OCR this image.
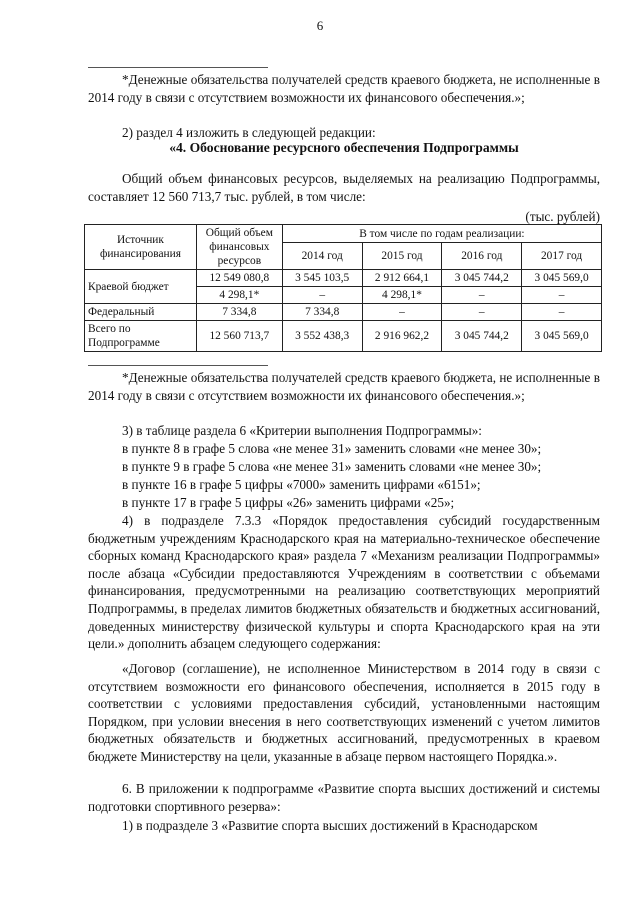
6
*Денежные обязательства получателей средств краевого бюджета, не исполненные в 2014 году в связи с отсутствием возможности их финансового обеспечения.»;
2) раздел 4 изложить в следующей редакции:
«4. Обоснование ресурсного обеспечения Подпрограммы
Общий объем финансовых ресурсов, выделяемых на реализацию Подпрограммы, составляет 12 560 713,7 тыс. рублей, в том числе:
(тыс. рублей)
Источник финансирования	Общий объем финансовых ресурсов	В том числе по годам реализации:			
		2014 год	2015 год	2016 год	2017 год
Краевой бюджет	12 549 080,8	3 545 103,5	2 912 664,1	3 045 744,2	3 045 569,0
	4 298,1*	–	4 298,1*	–	–
Федеральный	7 334,8	7 334,8	–	–	–
Всего по Подпрограмме	12 560 713,7	3 552 438,3	2 916 962,2	3 045 744,2	3 045 569,0
*Денежные обязательства получателей средств краевого бюджета, не исполненные в 2014 году в связи с отсутствием возможности их финансового обеспечения.»;
3) в таблице раздела 6 «Критерии выполнения Подпрограммы»:
в пункте 8 в графе 5 слова «не менее 31» заменить словами «не менее 30»;
в пункте 9 в графе 5 слова «не менее 31» заменить словами «не менее 30»;
в пункте 16 в графе 5 цифры «7000» заменить цифрами «6151»;
в пункте 17 в графе 5 цифры «26» заменить цифрами «25»;
4) в подразделе 7.3.3 «Порядок предоставления субсидий государственным бюджетным учреждениям Краснодарского края на материально-техническое обеспечение сборных команд Краснодарского края» раздела 7 «Механизм реализации Подпрограммы» после абзаца «Субсидии предоставляются Учреждениям в соответствии с объемами финансирования, предусмотренными на реализацию соответствующих мероприятий Подпрограммы, в пределах лимитов бюджетных обязательств и бюджетных ассигнований, доведенных министерству физической культуры и спорта Краснодарского края на эти цели.» дополнить абзацем следующего содержания:

«Договор (соглашение), не исполненное Министерством в 2014 году в связи с отсутствием возможности его финансового обеспечения, исполняется в 2015 году в соответствии с условиями предоставления субсидий, установленными настоящим Порядком, при условии внесения в него соответствующих изменений с учетом лимитов бюджетных обязательств и бюджетных ассигнований, предусмотренных в краевом бюджете Министерству на цели, указанные в абзаце первом настоящего Порядка.».

6. В приложении к подпрограмме «Развитие спорта высших достижений и системы подготовки спортивного резерва»:
1) в подразделе 3 «Развитие спорта высших достижений в Краснодарском
